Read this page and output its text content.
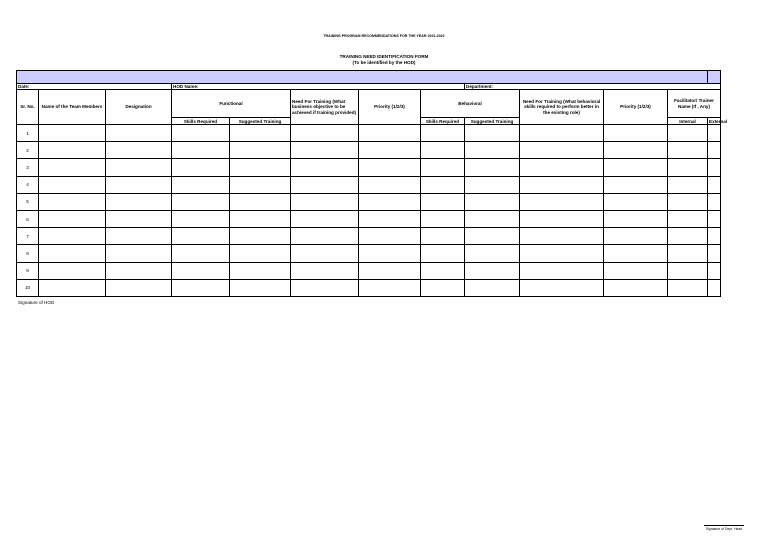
TRAINING PROGRAM RECOMMENDATIONS FOR THE YEAR 2021-2022
TRAINING NEED IDENTIFICATION FORM
(To be identified by the HOD)

Date:			HOD Name:					Department:				
Sr. No.	Name of the Team Members	Designation	Functional		Need For Training (What business objective to be achieved if training provided)	Priority (1/2/3)	Behavioral		Need For Training (What behavioral skills required to perform better in the existing role)	Priority (1/2/3)	Facilitator/ Trainer Name (If , Any)	
			Skills Required	Suggested Training			Skills Required	Suggested Training			Internal	External
1												
2												
3												
4												
5												
6												
7												
8												
9												
10												
Signature of HOD
Signature of Dept. Head
